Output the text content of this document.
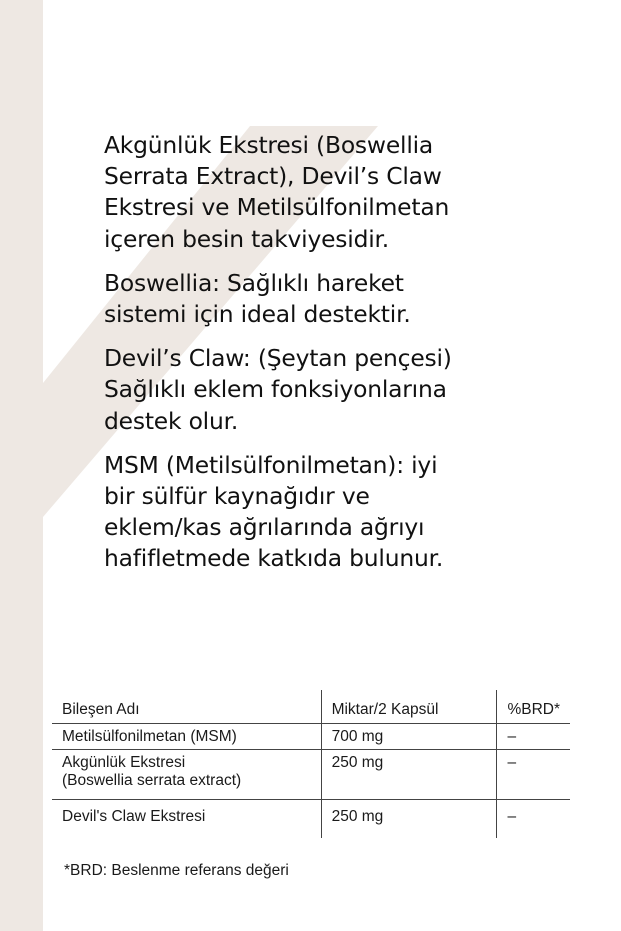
Akgünlük Ekstresi (Boswellia
Serrata Extract), Devil’s Claw
Ekstresi ve Metilsülfonilmetan
içeren besin takviyesidir.

Boswellia: Sağlıklı hareket
sistemi için ideal destektir.

Devil’s Claw: (Şeytan pençesi)
Sağlıklı eklem fonksiyonlarına
destek olur.

MSM (Metilsülfonilmetan): iyi
bir sülfür kaynağıdır ve
eklem/kas ağrılarında ağrıyı
hafifletmede katkıda bulunur.

Bileşen Adı	Miktar/2 Kapsül	%BRD*
Metilsülfonilmetan (MSM)	700 mg	–
Akgünlük Ekstresi
(Boswellia serrata extract)	250 mg	–
Devil's Claw Ekstresi	250 mg	–
*BRD: Beslenme referans değeri
